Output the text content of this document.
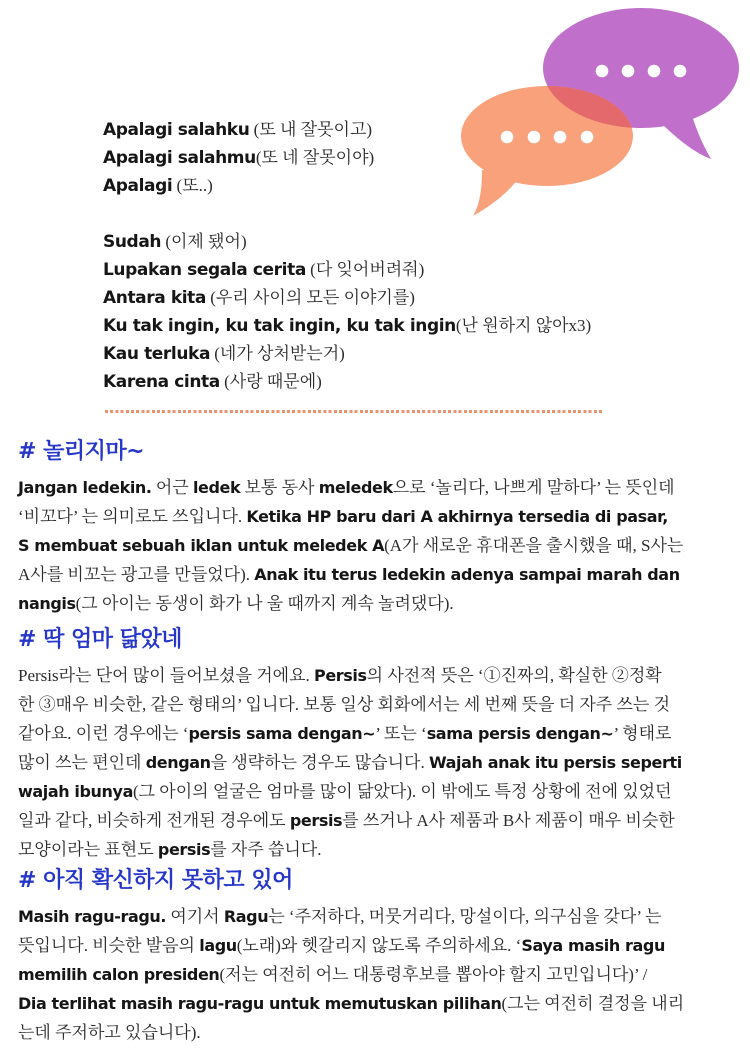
Apalagi salahku (또 내 잘못이고)
Apalagi salahmu(또 네 잘못이야)
Apalagi (또..)
Sudah (이제 됐어)
Lupakan segala cerita (다 잊어버려줘)
Antara kita (우리 사이의 모든 이야기를)
Ku tak ingin, ku tak ingin, ku tak ingin(난 원하지 않아x3)
Kau terluka (네가 상처받는거)
Karena cinta (사랑 때문에)
# 놀리지마~
Jangan ledekin. 어근 ledek 보통 동사 meledek으로 ‘놀리다, 나쁘게 말하다’ 는 뜻인데
‘비꼬다’ 는 의미로도 쓰입니다. Ketika HP baru dari A akhirnya tersedia di pasar,
S membuat sebuah iklan untuk meledek A(A가 새로운 휴대폰을 출시했을 때, S사는
A사를 비꼬는 광고를 만들었다). Anak itu terus ledekin adenya sampai marah dan
nangis(그 아이는 동생이 화가 나 울 때까지 계속 놀려댔다).
# 딱 엄마 닮았네
Persis라는 단어 많이 들어보셨을 거에요. Persis의 사전적 뜻은 ‘①진짜의, 확실한 ②정확
한 ③매우 비슷한, 같은 형태의’ 입니다. 보통 일상 회화에서는 세 번째 뜻을 더 자주 쓰는 것
같아요. 이런 경우에는 ‘persis sama dengan~’ 또는 ‘sama persis dengan~’ 형태로
많이 쓰는 편인데 dengan을 생략하는 경우도 많습니다. Wajah anak itu persis seperti
wajah ibunya(그 아이의 얼굴은 엄마를 많이 닮았다). 이 밖에도 특정 상황에 전에 있었던
일과 같다, 비슷하게 전개된 경우에도 persis를 쓰거나 A사 제품과 B사 제품이 매우 비슷한
모양이라는 표현도 persis를 자주 씁니다.
# 아직 확신하지 못하고 있어
Masih ragu-ragu. 여기서 Ragu는 ‘주저하다, 머뭇거리다, 망설이다, 의구심을 갖다’ 는
뜻입니다. 비슷한 발음의 lagu(노래)와 헷갈리지 않도록 주의하세요. ‘Saya masih ragu
memilih calon presiden(저는 여전히 어느 대통령후보를 뽑아야 할지 고민입니다)’ /
Dia terlihat masih ragu-ragu untuk memutuskan pilihan(그는 여전히 결정을 내리
는데 주저하고 있습니다).
